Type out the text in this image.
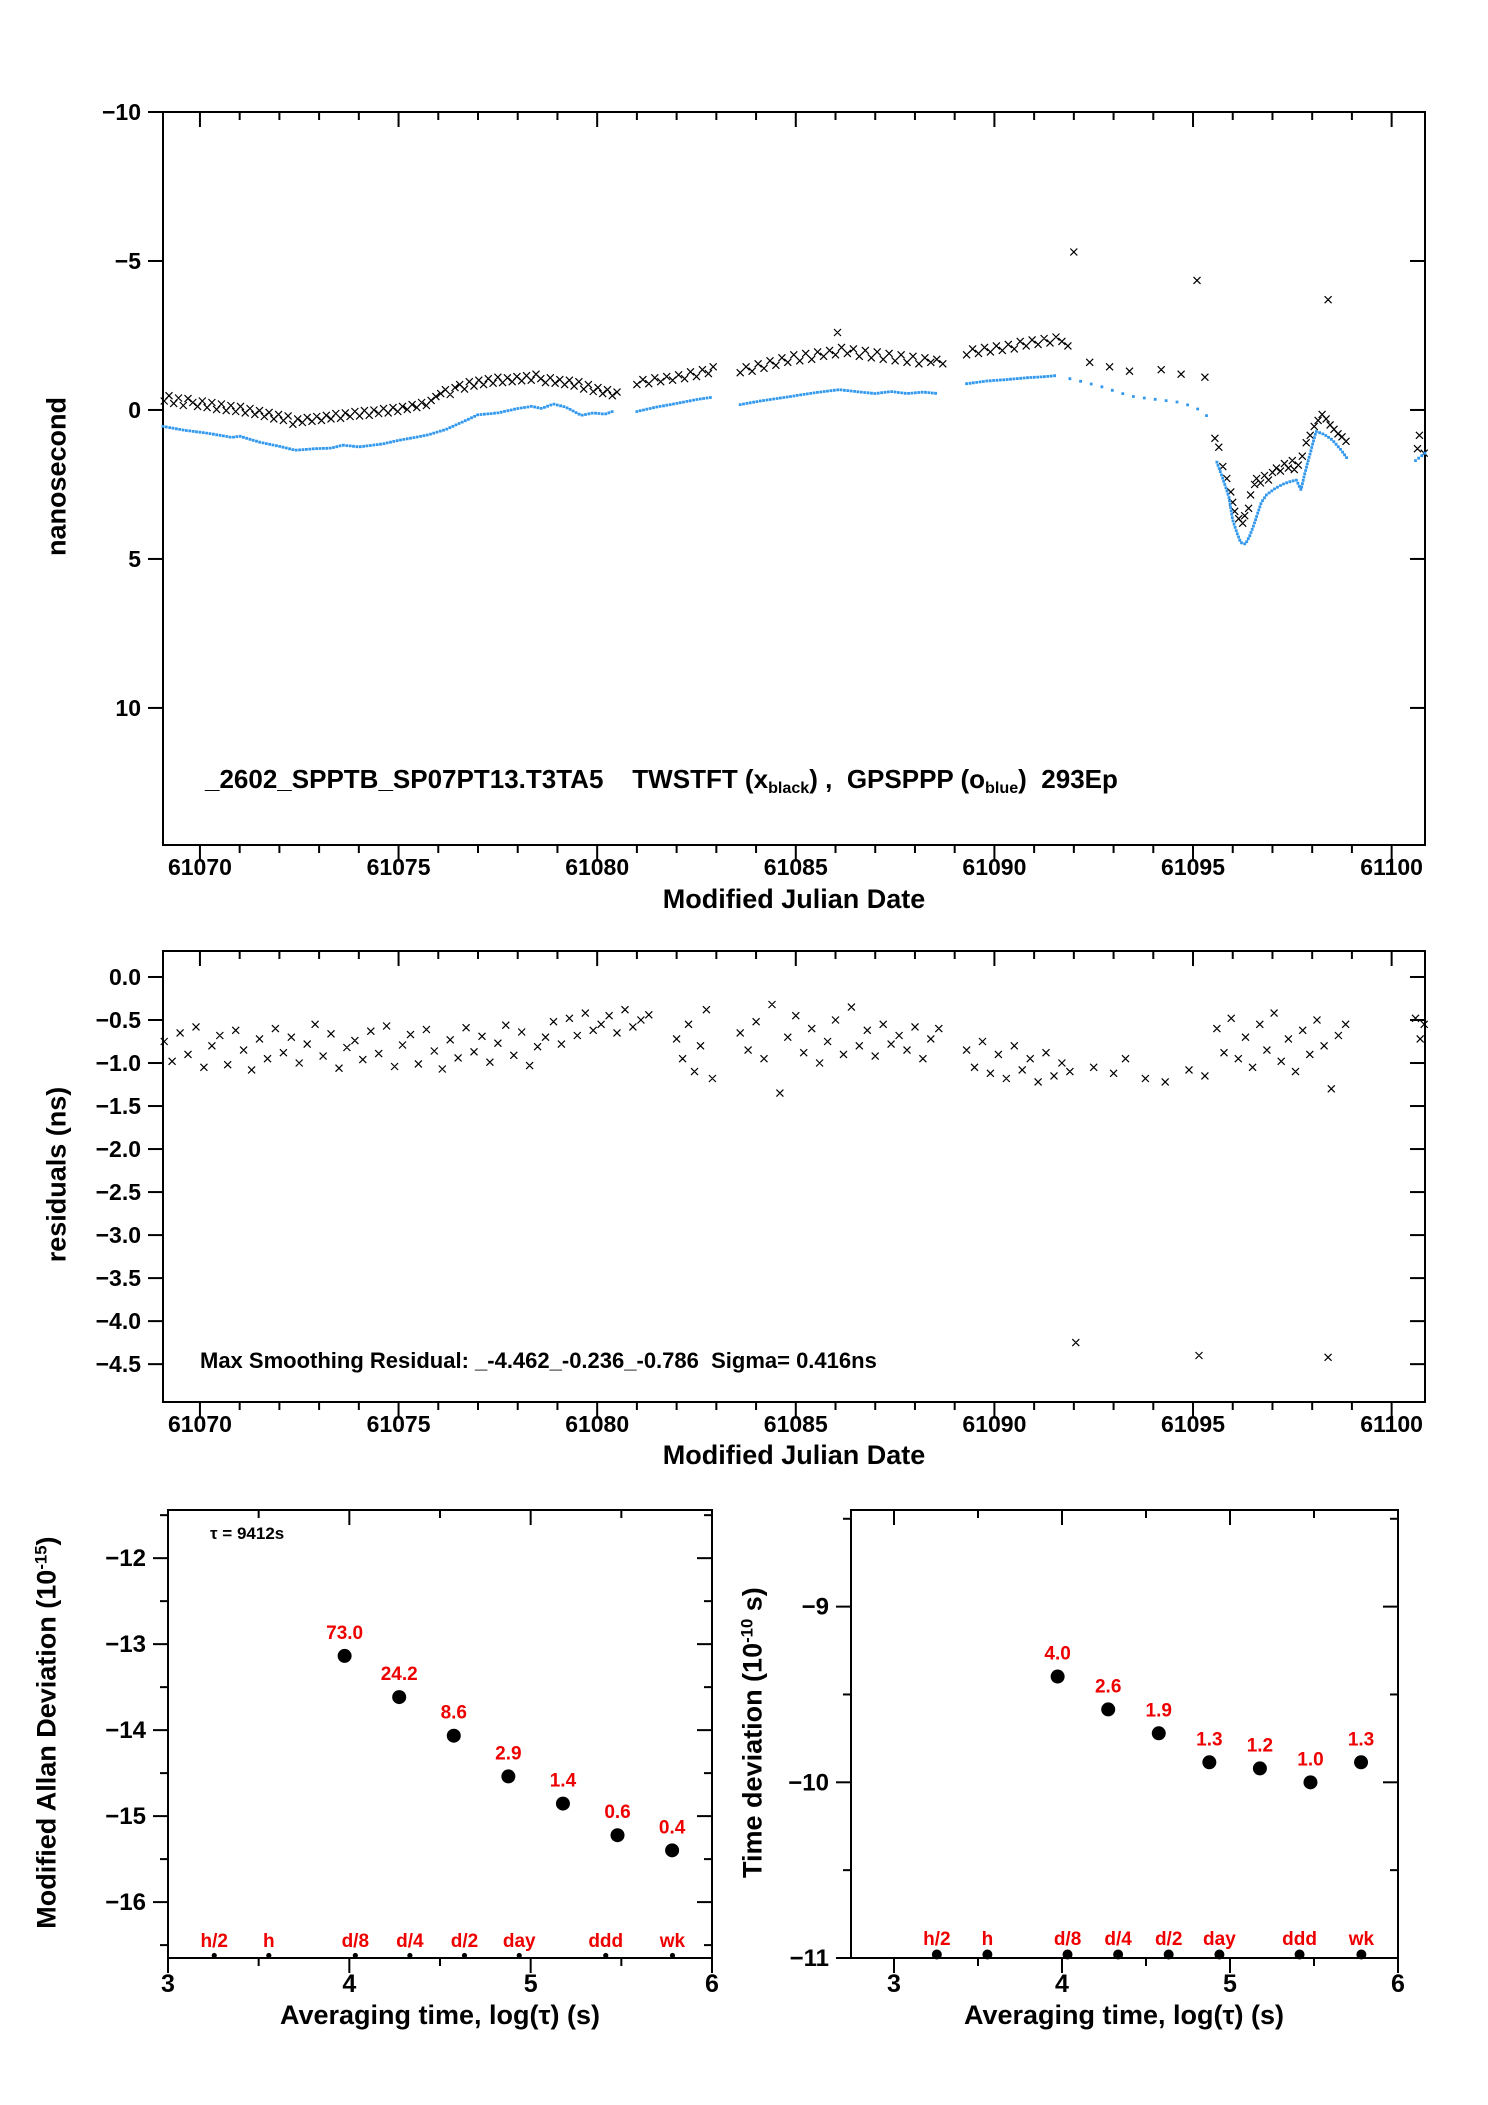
61070	61075	61080	61085	61090	61095	61100
10
5
0
−5
−10
61070	61075	61080	61085	61090	61095	61100
0.0
−0.5
−1.0
−1.5
−2.0
−2.5
−3.0
−3.5
−4.0
−4.5
3	4	5	6
−12
−13
−14
−15
−16
73.0
24.2
8.6
2.9
1.4
0.6
0.4
h/2 h	d/8 d/4 d/2 day	ddd wk
3	4	5	6
−9
−10
−11
4.0
2.6
1.9
1.3 1.2
1.0
1.3
h/2 h	d/8 d/4 d/2 day ddd wk
_2602_SPPTB_SP07PT13.T3TA5    TWSTFT $(x_{black})$ ,  GPSPPP $(o_{blue})$  293Ep
nanosecond
Modified Julian Date
residuals (ns)
Modified Julian Date
Max Smoothing Residual: _-4.462_-0.236_-0.786  Sigma= 0.416ns
Modified Allan Deviation $(10^{-15})$
Averaging time, log(τ) (s)
τ = 9412s
Time deviation ($10^{-10}$ s)
Averaging time, log(τ) (s)
